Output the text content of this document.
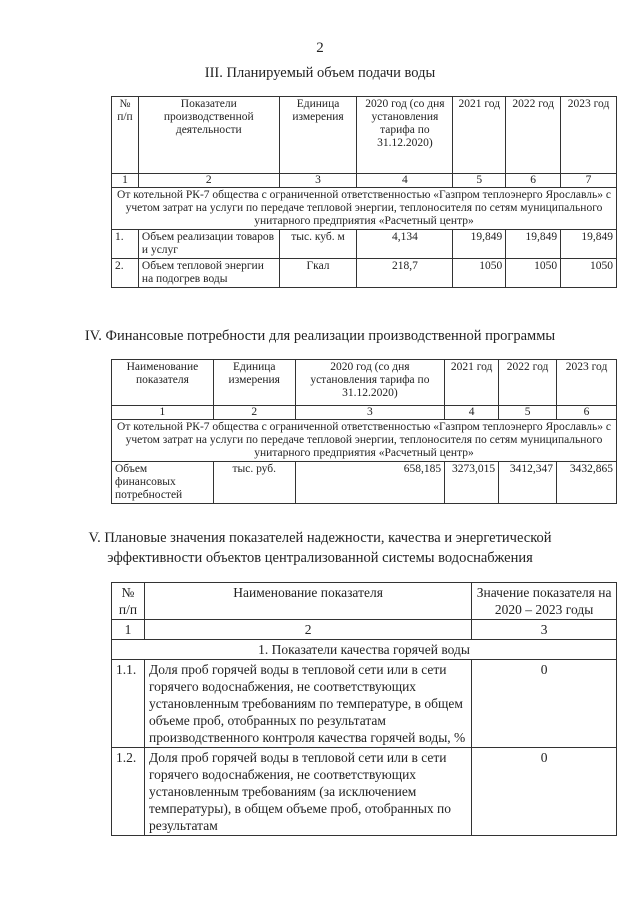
2
III. Планируемый объем подачи воды
№ п/п	Показатели производственной деятельности	Единица измерения	2020 год (со дня установления тарифа по 31.12.2020)	2021 год	2022 год	2023 год
1	2	3	4	5	6	7
От котельной РК-7 общества с ограниченной ответственностью «Газпром теплоэнерго Ярославль» с учетом затрат на услуги по передаче тепловой энергии, теплоносителя по сетям муниципального унитарного предприятия «Расчетный центр»						
1.	Объем реализации товаров и услуг	тыс. куб. м	4,134	19,849	19,849	19,849
2.	Объем тепловой энергии на подогрев воды	Гкал	218,7	1050	1050	1050
IV. Финансовые потребности для реализации производственной программы
Наименование показателя	Единица измерения	2020 год (со дня установления тарифа по 31.12.2020)	2021 год	2022 год	2023 год
1	2	3	4	5	6
От котельной РК-7 общества с ограниченной ответственностью «Газпром теплоэнерго Ярославль» с учетом затрат на услуги по передаче тепловой энергии, теплоносителя по сетям муниципального унитарного предприятия «Расчетный центр»					
Объем финансовых потребностей	тыс. руб.	658,185	3273,015	3412,347	3432,865
V. Плановые значения показателей надежности, качества и энергетической
эффективности объектов централизованной системы водоснабжения
№ п/п	Наименование показателя	Значение показателя на 2020 – 2023 годы
1	2	3
1. Показатели качества горячей воды		
1.1.	Доля проб горячей воды в тепловой сети или в сети горячего водоснабжения, не соответствующих установленным требованиям по температуре, в общем объеме проб, отобранных по результатам производственного контроля качества горячей воды, %	0
1.2.	Доля проб горячей воды в тепловой сети или в сети горячего водоснабжения, не соответствующих установленным требованиям (за исключением температуры), в общем объеме проб, отобранных по результатам	0
